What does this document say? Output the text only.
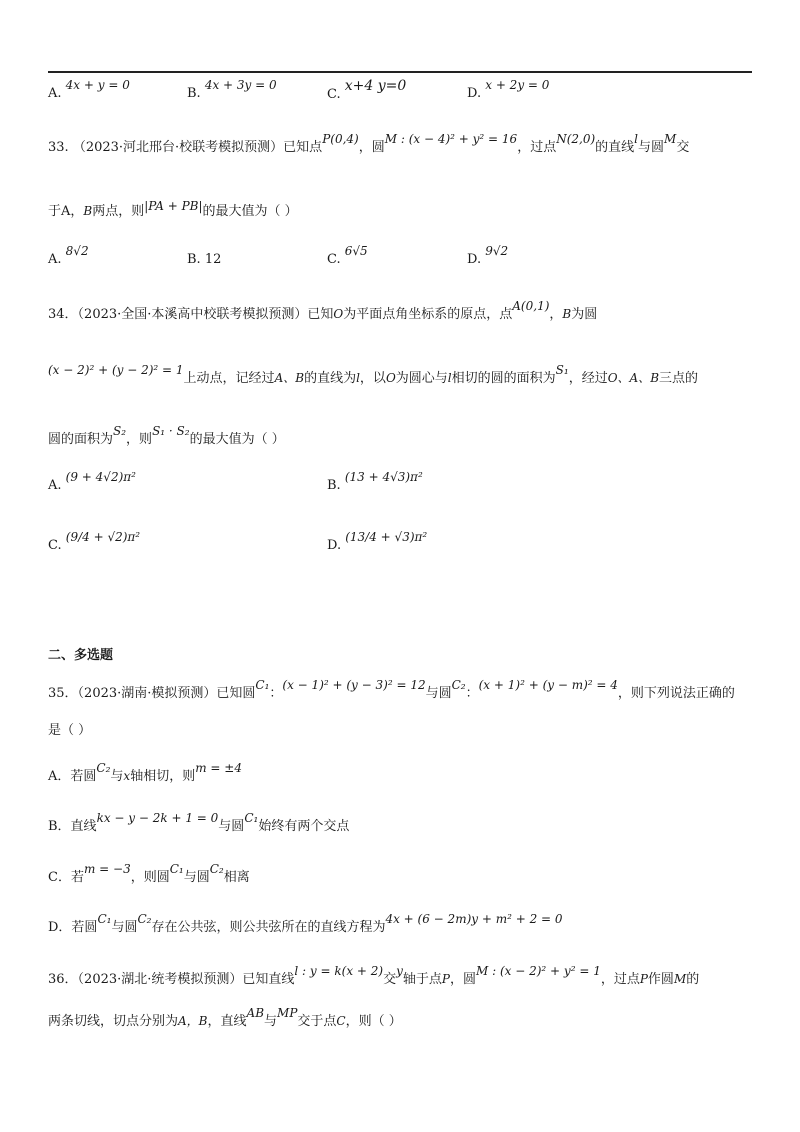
A. 4x + y = 0
B. 4x + 3y = 0
C. x+4 y=0	D. x + 2y = 0
33. （2023·河北邢台·校联考模拟预测）已知点P(0,4)，圆M : (x − 4)² + y² = 16，过点N(2,0)的直线l与圆M交
于A，B两点，则|PA + PB|的最大值为（ ）
A. 8√2
B. 12	C. 6√5
D. 9√2
34．（2023·全国·本溪高中校联考模拟预测）已知O为平面点角坐标系的原点，点A(0,1)，B为圆
(x − 2)² + (y − 2)² = 1上动点，记经过A、B的直线为l，以O为圆心与l相切的圆的面积为S₁，经过O、A、B三点的
圆的面积为S₂，则S₁ · S₂的最大值为（ ）
A. (9 + 4√2)π²
B. (13 + 4√3)π²
C. (9/4 + √2)π²
D. (13/4 + √3)π²
二、多选题
35．（2023·湖南·模拟预测）已知圆C₁：(x − 1)² + (y − 3)² = 12与圆C₂：(x + 1)² + (y − m)² = 4，则下列说法正确的
是（ ）
A．若圆C₂与x轴相切，则m = ±4
B．直线kx − y − 2k + 1 = 0与圆C₁始终有两个交点
C．若m = −3，则圆C₁与圆C₂相离
D．若圆C₁与圆C₂存在公共弦，则公共弦所在的直线方程为4x + (6 − 2m)y + m² + 2 = 0
36．（2023·湖北·统考模拟预测）已知直线l : y = k(x + 2)交y轴于点P，圆M : (x − 2)² + y² = 1，过点P作圆M的
两条切线，切点分别为A，B，直线AB与MP交于点C，则（ ）
